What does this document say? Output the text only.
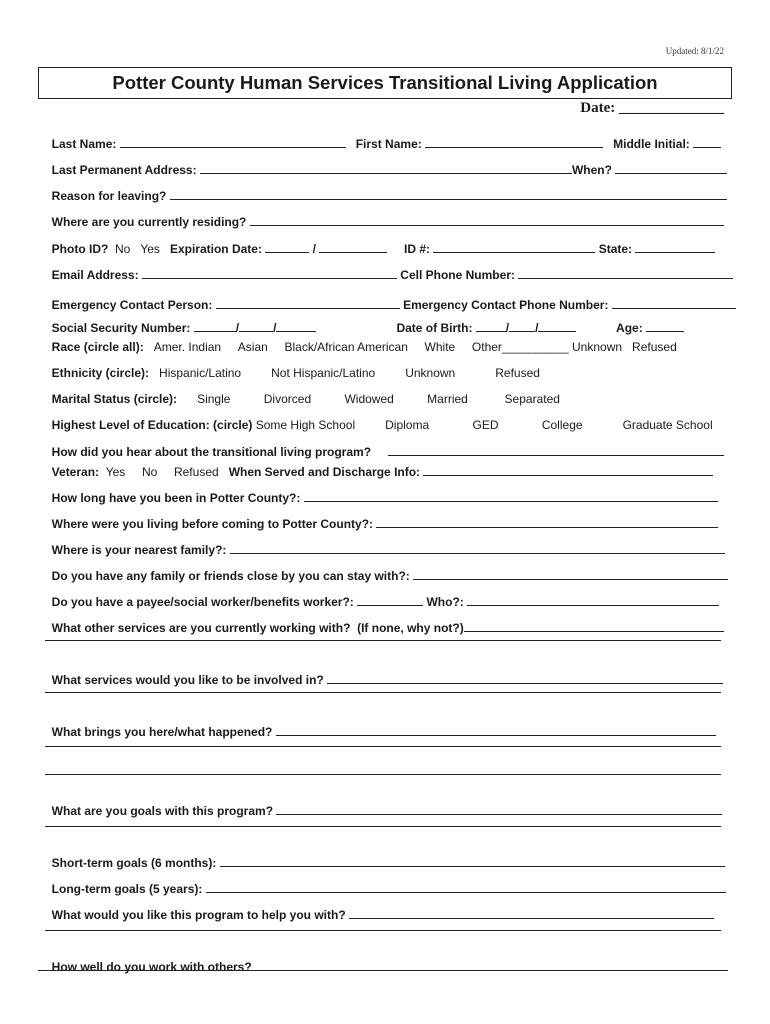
Updated: 8/1/22
Potter County Human Services Transitional Living Application
Date: ______________

Last Name:	First Name:	Middle Initial:

Last Permanent Address:	When?

Reason for leaving?

Where are you currently residing?

Photo ID? No Yes Expiration Date:	/	ID #:	State:

Email Address:	Cell Phone Number:

Emergency Contact Person:	Emergency Contact Phone Number:

Social Security Number:	/	/	Date of Birth:	/ /	Age:

Race (circle all): Amer. Indian Asian Black/African American White Other__________ Unknown Refused

Ethnicity (circle): Hispanic/Latino	Not Hispanic/Latino	Unknown	Refused

Marital Status (circle): Single	Divorced	Widowed	Married	Separated

Highest Level of Education: (circle) Some High School	Diploma	GED	College	Graduate School

How did you hear about the transitional living program?

Veteran: Yes No Refused When Served and Discharge Info:

How long have you been in Potter County?:

Where were you living before coming to Potter County?:

Where is your nearest family?:

Do you have any family or friends close by you can stay with?:

Do you have a payee/social worker/benefits worker?:	Who?:

What other services are you currently working with?  (If none, why not?)

What services would you like to be involved in?

What brings you here/what happened?

What are you goals with this program?

Short-term goals (6 months):

Long-term goals (5 years):

What would you like this program to help you with?

How well do you work with others?
